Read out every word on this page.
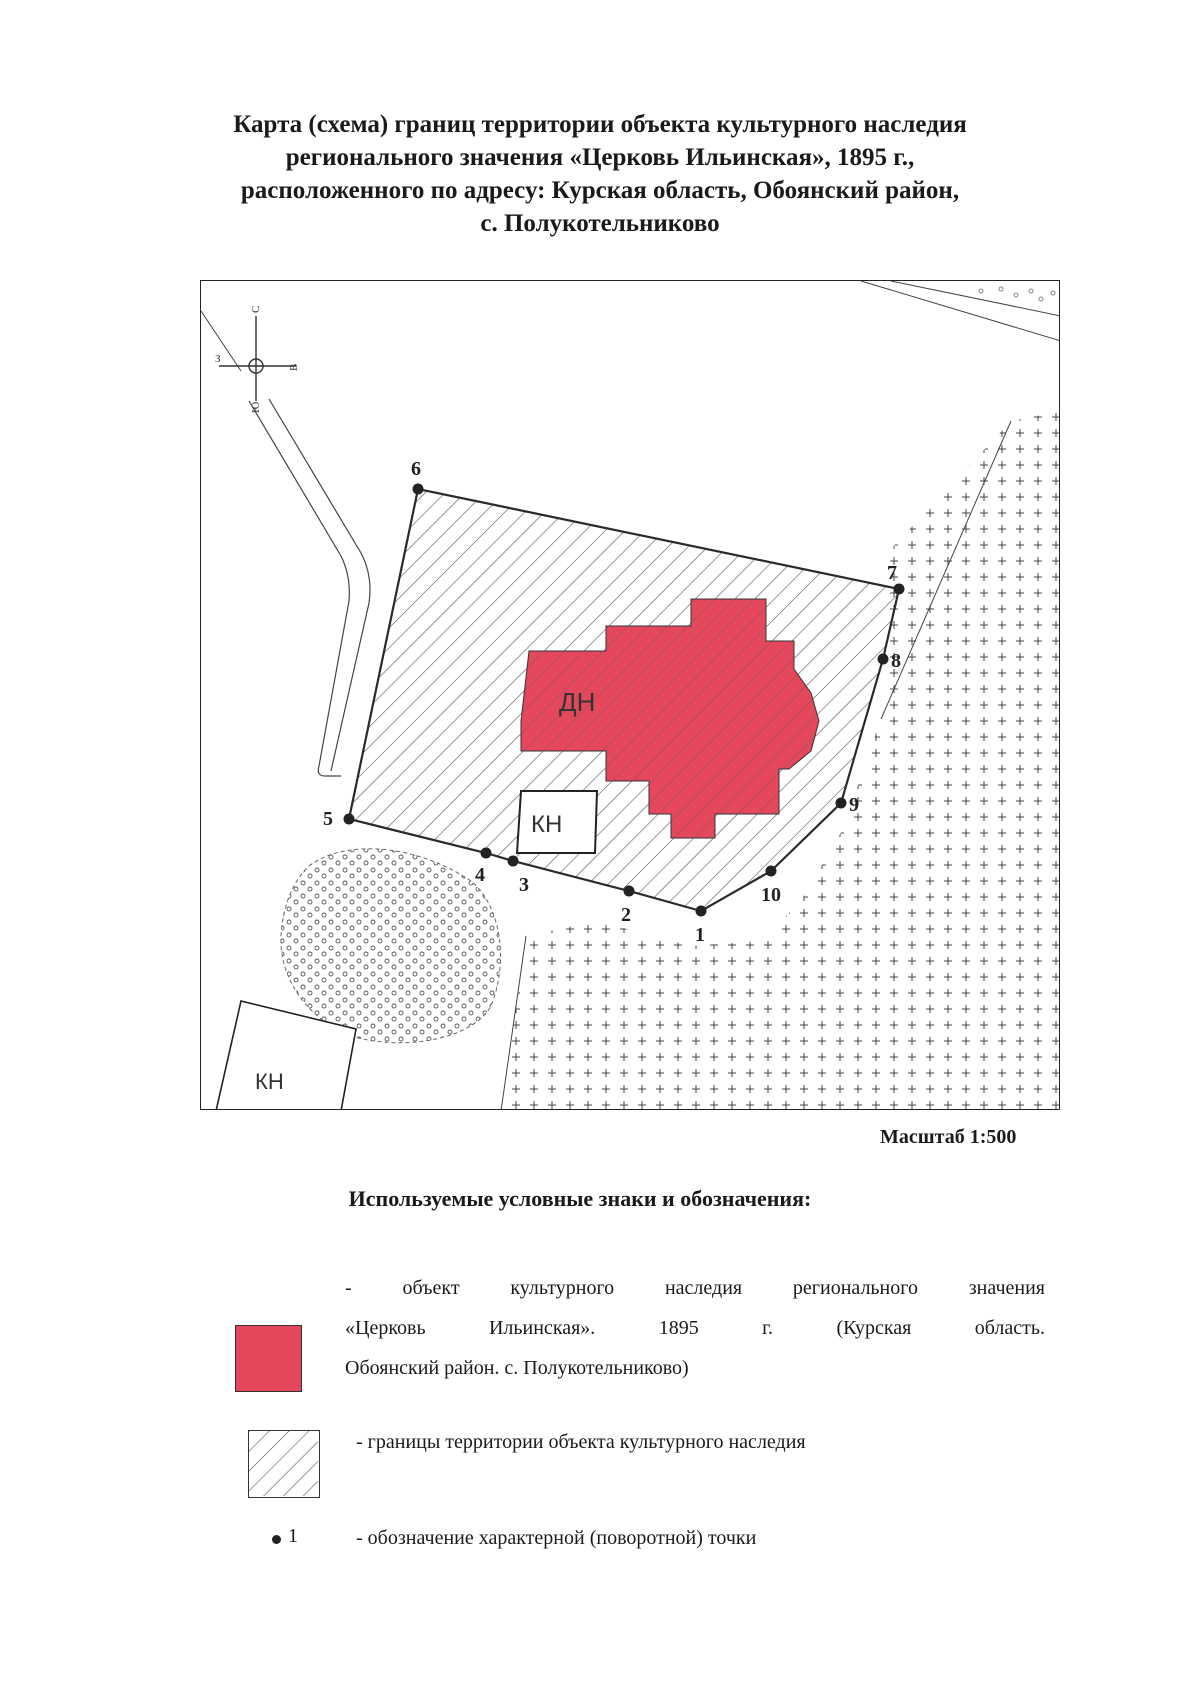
Карта (схема) границ территории объекта культурного наследия
регионального значения «Церковь Ильинская», 1895 г.,
расположенного по адресу: Курская область, Обоянский район,
с. Полукотельниково
С
Ю
З
В
ДН
КН
КН
1
2
3
4
5
6
7
8
9
10
Масштаб 1:500
Используемые условные знаки и обозначения:
- объект культурного наследия регионального значения
«Церковь Ильинская». 1895 г. (Курская область.
Обоянский район. с. Полукотельниково)
- границы территории объекта культурного наследия
1	- обозначение характерной (поворотной) точки
